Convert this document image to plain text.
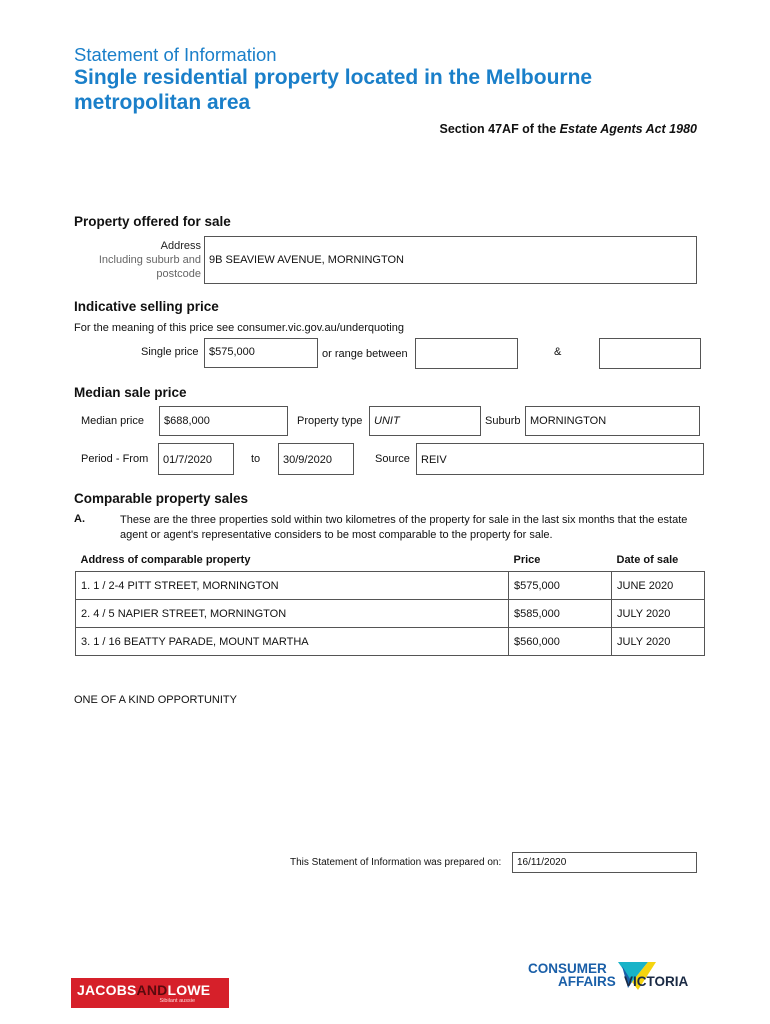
Statement of Information
Single residential property located in the Melbourne metropolitan area
Section 47AF of the Estate Agents Act 1980
Property offered for sale
Address
Including suburb and
postcode
9B SEAVIEW AVENUE, MORNINGTON
Indicative selling price
For the meaning of this price see consumer.vic.gov.au/underquoting
Single price $575,000	or range between	&
Median sale price
Median price	$688,000	Property type	UNIT	Suburb MORNINGTON
Period - From	01/7/2020	to	30/9/2020	Source	REIV
Comparable property sales
A.	These are the three properties sold within two kilometres of the property for sale in the last six months that the estate agent or agent's representative considers to be most comparable to the property for sale.
Address of comparable property	Price	Date of sale
1. 1 / 2-4 PITT STREET, MORNINGTON	$575,000	JUNE 2020
2. 4 / 5 NAPIER STREET, MORNINGTON	$585,000	JULY 2020
3. 1 / 16 BEATTY PARADE, MOUNT MARTHA	$560,000	JULY 2020
ONE OF A KIND OPPORTUNITY
This Statement of Information was prepared on:	16/11/2020
JACOBSANDLOWE
Sibilant aussie
CONSUMER
AFFAIRS VICTORIA
